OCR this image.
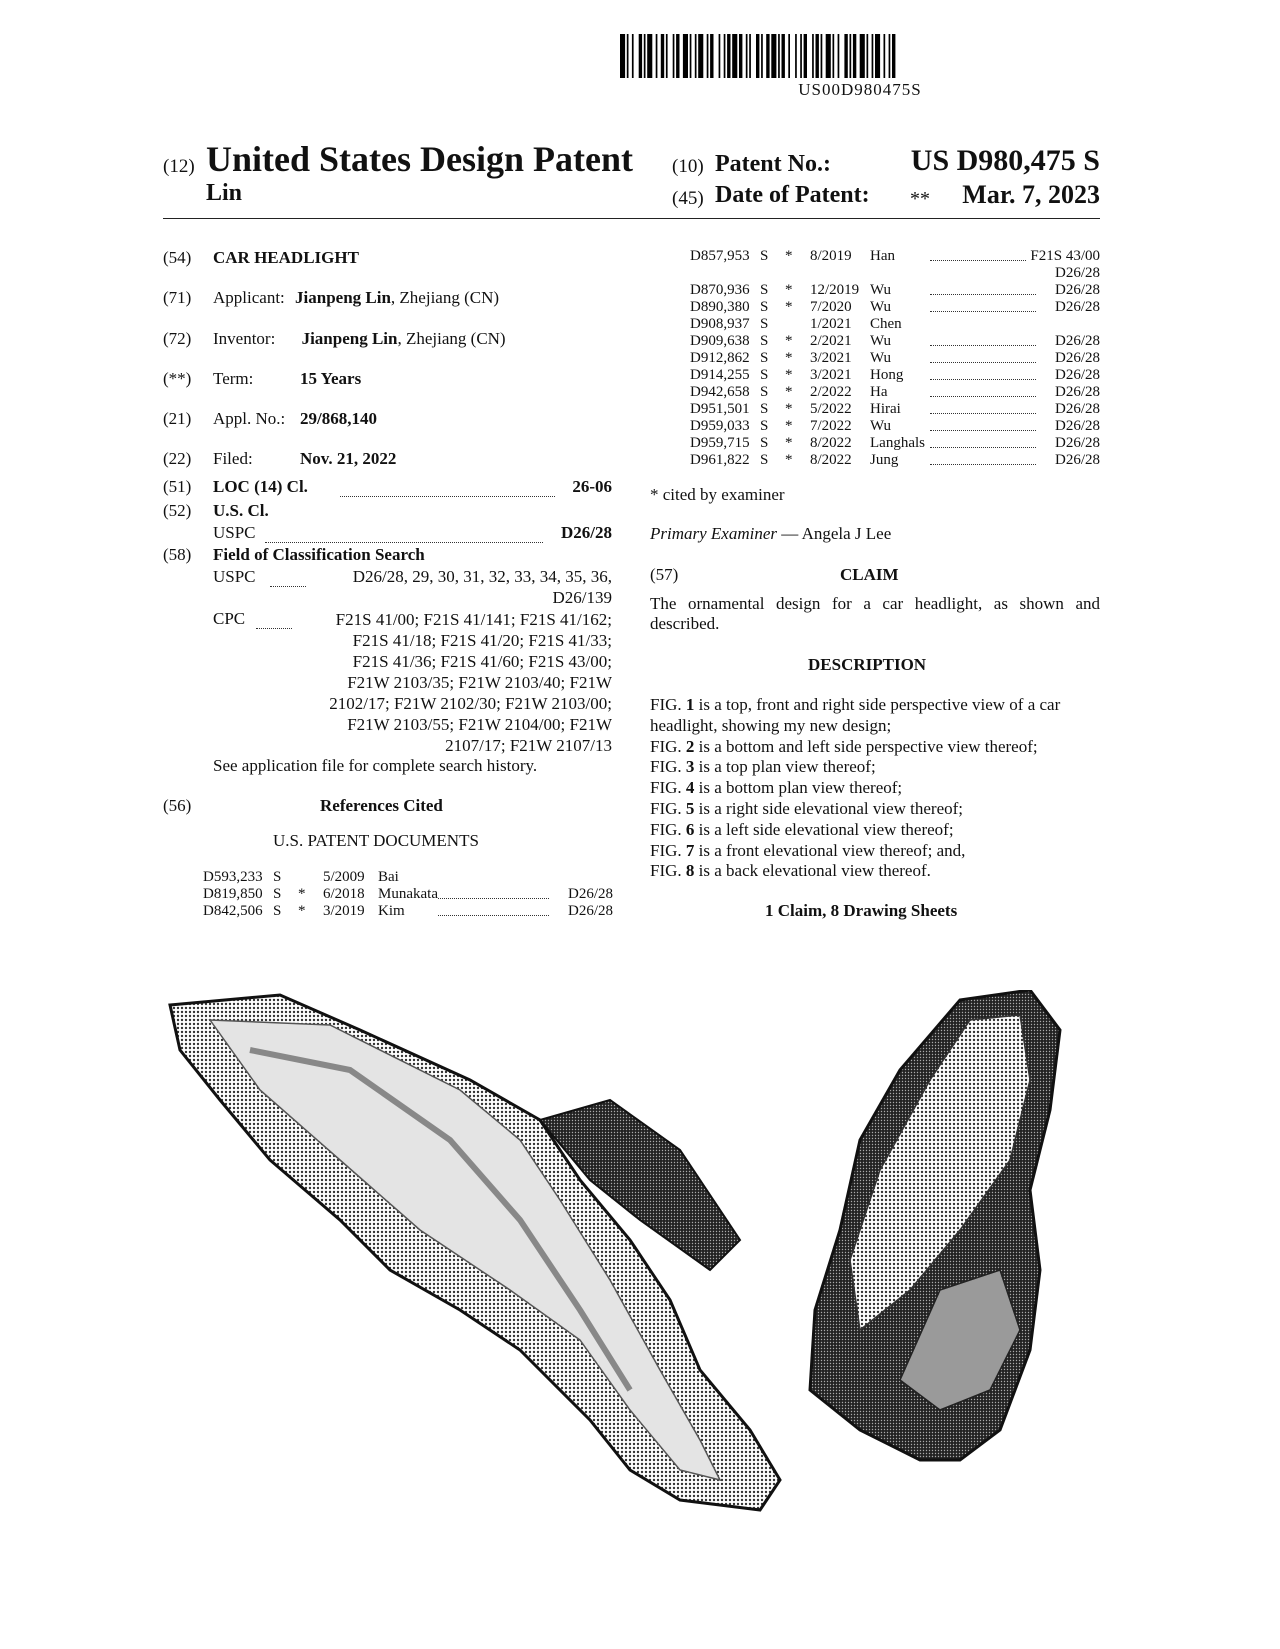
US00D980475S
(12) United States Design Patent
Lin
(10) Patent No.:	US D980,475 S
(45) Date of Patent: **	Mar. 7, 2023
(54) CAR HEADLIGHT
(71) Applicant: Jianpeng Lin, Zhejiang (CN)
(72) Inventor: Jianpeng Lin, Zhejiang (CN)
(**) Term:	15 Years
(21) Appl. No.: 29/868,140
(22) Filed:	Nov. 21, 2022
(51) LOC (14) Cl.	26-06
(52) U.S. Cl.
USPC	D26/28
(58) Field of Classification Search
USPC	D26/28, 29, 30, 31, 32, 33, 34, 35, 36,
D26/139
CPC	F21S 41/00; F21S 41/141; F21S 41/162;
F21S 41/18; F21S 41/20; F21S 41/33;
F21S 41/36; F21S 41/60; F21S 43/00;
F21W 2103/35; F21W 2103/40; F21W
2102/17; F21W 2102/30; F21W 2103/00;
F21W 2103/55; F21W 2104/00; F21W
2107/17; F21W 2107/13
See application file for complete search history.
(56)	References Cited
U.S. PATENT DOCUMENTS
D593,233 S	5/2009 Bai
D819,850 S * 6/2018 Munakata	D26/28
D842,506 S * 3/2019 Kim	D26/28
D857,953 S * 8/2019 Han	F21S 43/00
D26/28
D870,936 S * 12/2019 Wu	D26/28
D890,380 S * 7/2020 Wu	D26/28
D908,937 S	1/2021 Chen
D909,638 S * 2/2021 Wu	D26/28
D912,862 S * 3/2021 Wu	D26/28
D914,255 S * 3/2021 Hong	D26/28
D942,658 S * 2/2022 Ha	D26/28
D951,501 S * 5/2022 Hirai	D26/28
D959,033 S * 7/2022 Wu	D26/28
D959,715 S * 8/2022 Langhals	D26/28
D961,822 S * 8/2022 Jung	D26/28
* cited by examiner
Primary Examiner — Angela J Lee
(57)	CLAIM
The ornamental design for a car headlight, as shown and
described.
DESCRIPTION
FIG. 1 is a top, front and right side perspective view of a car
headlight, showing my new design;
FIG. 2 is a bottom and left side perspective view thereof;
FIG. 3 is a top plan view thereof;
FIG. 4 is a bottom plan view thereof;
FIG. 5 is a right side elevational view thereof;
FIG. 6 is a left side elevational view thereof;
FIG. 7 is a front elevational view thereof; and,
FIG. 8 is a back elevational view thereof.
1 Claim, 8 Drawing Sheets
